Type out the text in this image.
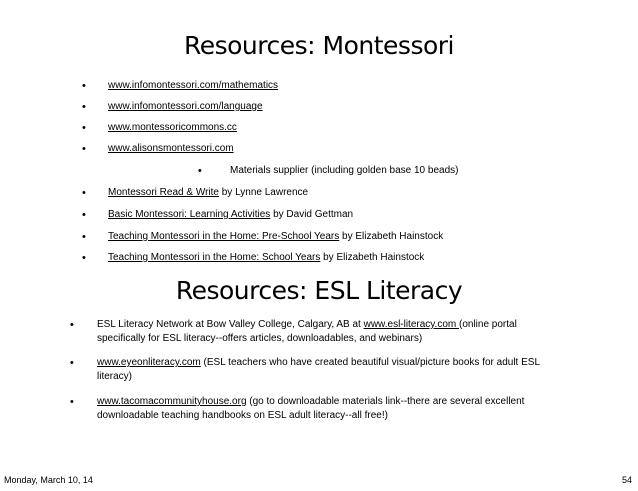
Resources: Montessori
• www.infomontessori.com/mathematics
• www.infomontessori.com/language
• www.montessoricommons.cc
• www.alisonsmontessori.com
•	Materials supplier (including golden base 10 beads)
• Montessori Read & Write by Lynne Lawrence
• Basic Montessori: Learning Activities by David Gettman
• Teaching Montessori in the Home: Pre-School Years by Elizabeth Hainstock
• Teaching Montessori in the Home: School Years by Elizabeth Hainstock
Resources: ESL Literacy
• ESL Literacy Network at Bow Valley College, Calgary, AB at www.esl-literacy.com (online portal
specifically for ESL literacy--offers articles, downloadables, and webinars)
• www.eyeonliteracy.com (ESL teachers who have created beautiful visual/picture books for adult ESL
literacy)
• www.tacomacommunityhouse.org (go to downloadable materials link--there are several excellent
downloadable teaching handbooks on ESL adult literacy--all free!)
Monday, March 10, 14	54
